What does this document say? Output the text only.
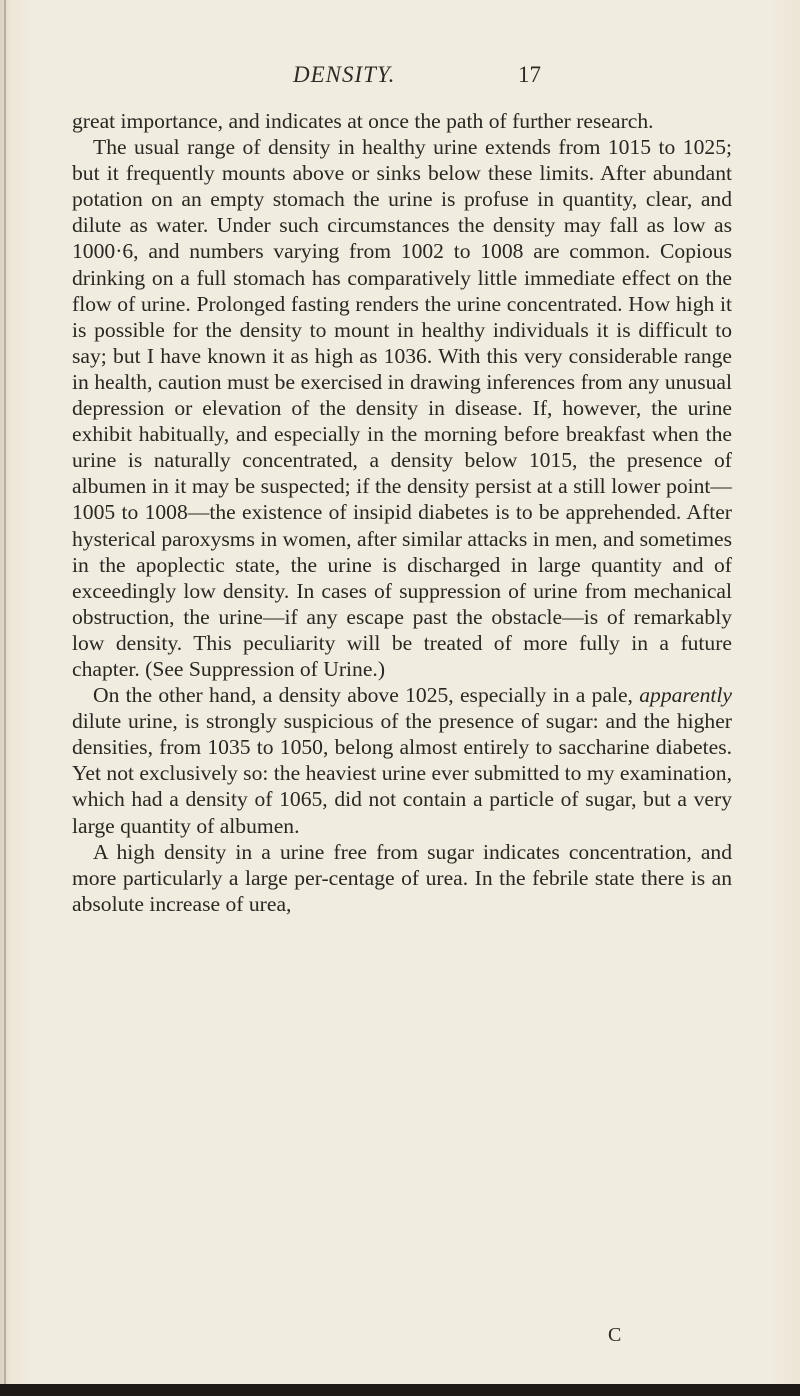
DENSITY.	17

great importance, and indicates at once the path of further research.

The usual range of density in healthy urine extends from 1015 to 1025; but it frequently mounts above or sinks below these limits. After abundant potation on an empty stomach the urine is profuse in quantity, clear, and dilute as water. Under such circumstances the density may fall as low as 1000·6, and numbers varying from 1002 to 1008 are common. Copious drinking on a full stomach has comparatively little immediate effect on the flow of urine. Prolonged fasting renders the urine concentrated. How high it is possible for the density to mount in healthy individuals it is difficult to say; but I have known it as high as 1036. With this very considerable range in health, caution must be exercised in drawing inferences from any unusual depression or elevation of the density in disease. If, however, the urine exhibit habitually, and especially in the morning before breakfast when the urine is naturally concentrated, a density below 1015, the presence of albumen in it may be suspected; if the density persist at a still lower point—1005 to 1008—the existence of insipid diabetes is to be apprehended. After hysterical paroxysms in women, after similar attacks in men, and sometimes in the apoplectic state, the urine is discharged in large quantity and of exceedingly low density. In cases of suppression of urine from mechanical obstruction, the urine—if any escape past the obstacle—is of remarkably low density. This peculiarity will be treated of more fully in a future chapter. (See Suppression of Urine.)

On the other hand, a density above 1025, especially in a pale, apparently dilute urine, is strongly suspicious of the presence of sugar: and the higher densities, from 1035 to 1050, belong almost entirely to saccharine diabetes. Yet not exclusively so: the heaviest urine ever submitted to my examination, which had a density of 1065, did not contain a particle of sugar, but a very large quantity of albumen.

A high density in a urine free from sugar indicates concentration, and more particularly a large per-centage of urea. In the febrile state there is an absolute increase of urea,

C
